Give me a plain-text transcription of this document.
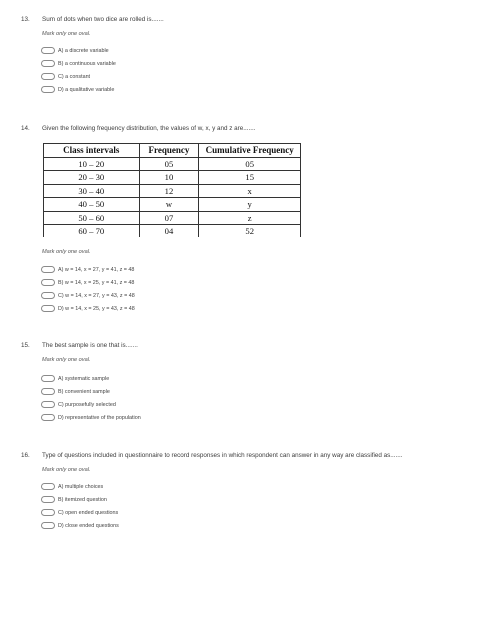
13. Sum of dots when two dice are rolled is.......
Mark only one oval.
A) a discrete variable
B) a continuous variable
C) a constant
D) a qualitative variable
14. Given the following frequency distribution, the values of w, x, y and z are.......
Class intervals	Frequency	Cumulative Frequency
10 – 20	05	05
20 – 30	10	15
30 – 40	12	x
40 – 50	w	y
50 – 60	07	z
60 – 70	04	52
Mark only one oval.
A) w = 14, x = 27, y = 41, z = 48
B) w = 14, x = 25, y = 41, z = 48
C) w = 14, x = 27, y = 43, z = 48
D) w = 14, x = 25, y = 43, z = 48
15. The best sample is one that is.......
Mark only one oval.
A) systematic sample
B) convenient sample
C) purposefully selected
D) representative of the population
16. Type of questions included in questionnaire to record responses in which respondent can answer in any way are classified as.......
Mark only one oval.
A) multiple choices
B) itemized question
C) open ended questions
D) close ended questions
